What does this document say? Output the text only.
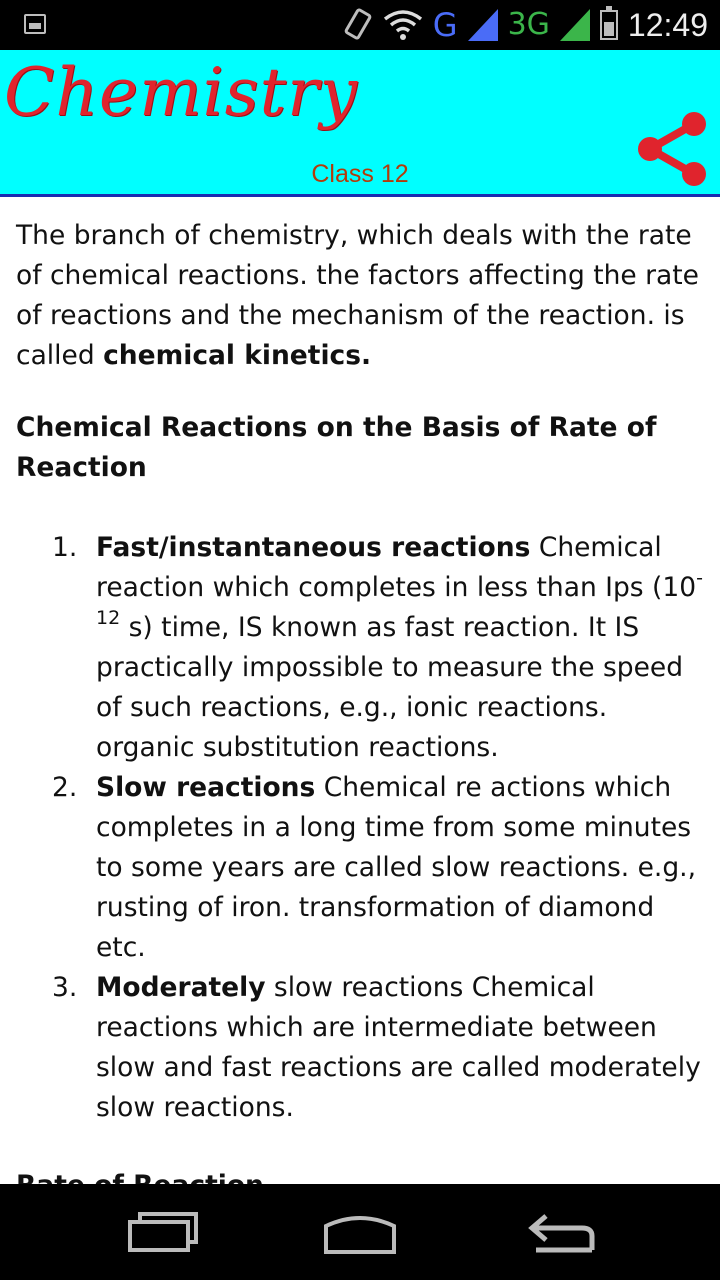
G 3G 12:49
Chemistry
Class 12

The branch of chemistry, which deals with the rate of chemical reactions. the factors affecting the rate of reactions and the mechanism of the reaction. is called chemical kinetics.

Chemical Reactions on the Basis of Rate of Reaction

1. Fast/instantaneous reactions Chemical reaction which completes in less than Ips ($10^{-12}$ s) time, IS known as fast reaction. It IS practically impossible to measure the speed of such reactions, e.g., ionic reactions. organic substitution reactions.
2. Slow reactions Chemical re actions which completes in a long time from some minutes to some years are called slow reactions. e.g., rusting of iron. transformation of diamond etc.
3. Moderately slow reactions Chemical reactions which are intermediate between slow and fast reactions are called moderately slow reactions.
